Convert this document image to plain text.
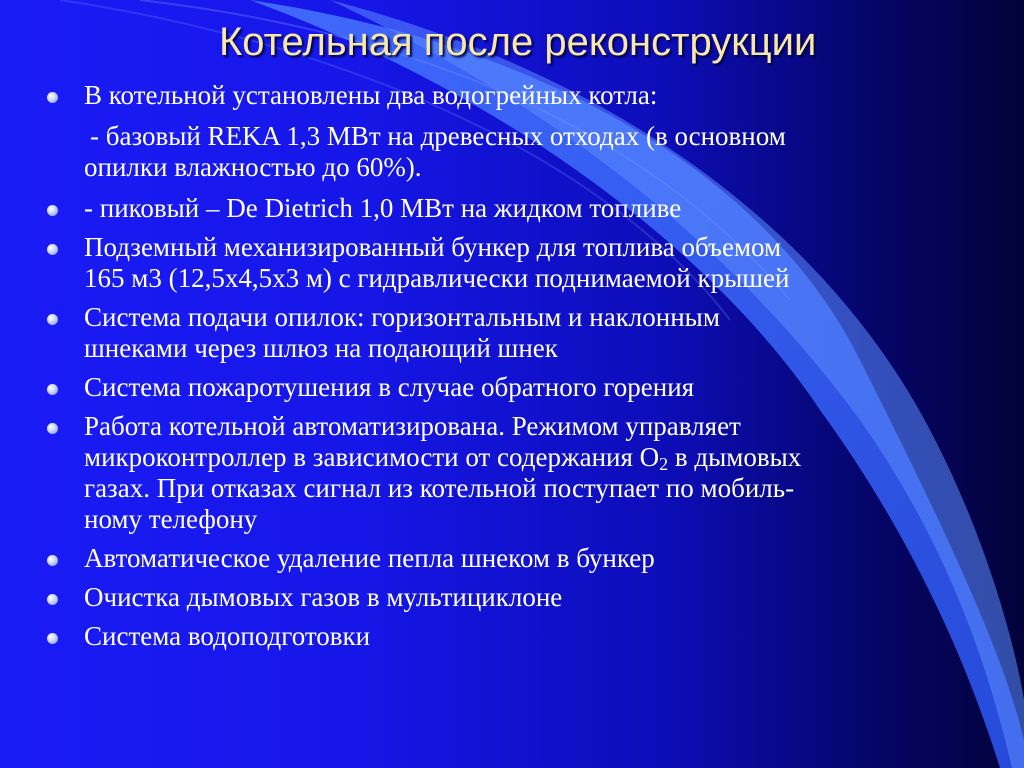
Котельная после реконструкции
В котельной установлены два водогрейных котла:
- базовый REKA 1,3 МВт на древесных отходах (в основном
опилки влажностью до 60%).
- пиковый – De Dietrich 1,0 МВт на жидком топливе
Подземный механизированный бункер для топлива объемом
165 м3 (12,5х4,5х3 м) с гидравлически поднимаемой крышей
Система подачи опилок: горизонтальным и наклонным
шнеками через шлюз на подающий шнек
Система пожаротушения в случае обратного горения
Работа котельной автоматизирована. Режимом управляет
микроконтроллер в зависимости от содержания $О_2$ в дымовых
газах. При отказах сигнал из котельной поступает по мобиль-
ному телефону
Автоматическое удаление пепла шнеком в бункер
Очистка дымовых газов в мультициклоне
Система водоподготовки
